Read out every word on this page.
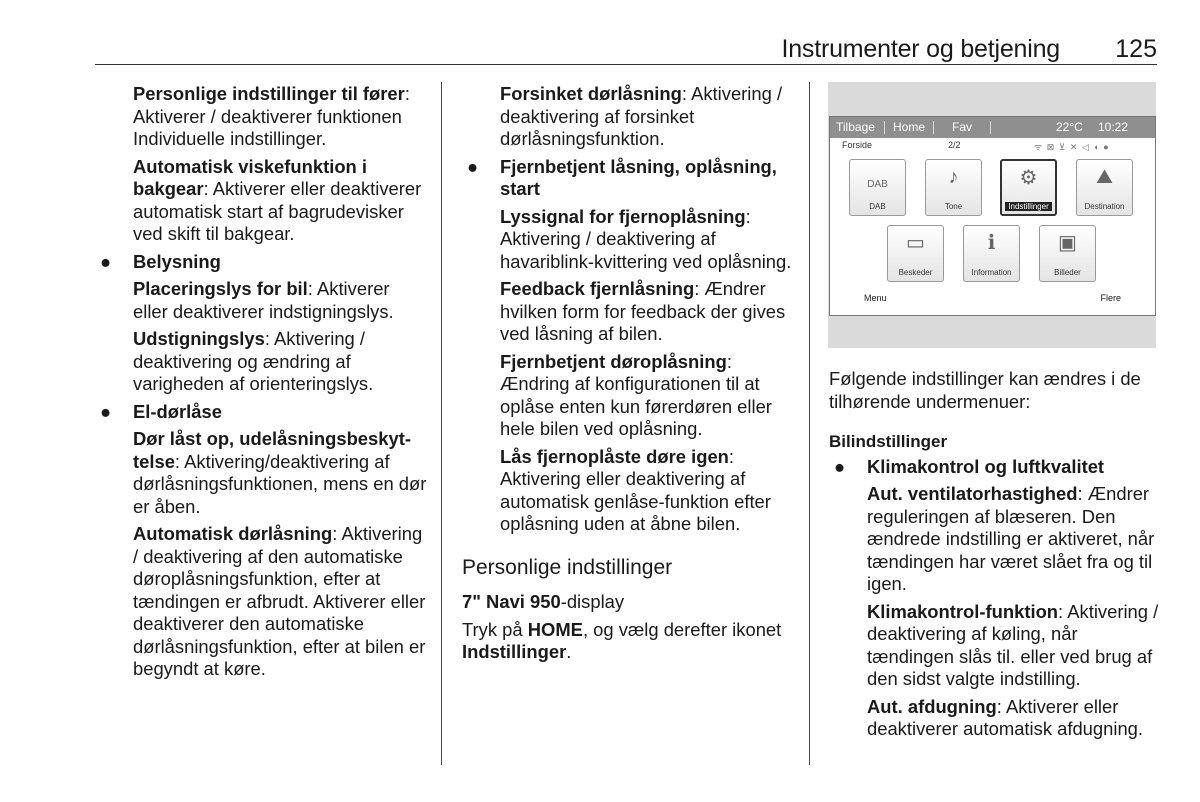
Instrumenter og betjening 125
Personlige indstillinger til fører: Aktiverer / deaktiverer funktionen Individuelle indstillinger.
Automatisk viskefunktion i
bakgear: Aktiverer eller deaktiverer automatisk start af bagrudevisker ved skift til bakgear.
● Belysning
Placeringslys for bil: Aktiverer eller deaktiverer indstigningslys.
Udstigningslys: Aktivering / deaktivering og ændring af varigheden af orienteringslys.
● El-dørlåse
Dør låst op, udelåsningsbeskyt-
telse: Aktivering/deaktivering af dørlåsningsfunktionen, mens en dør er åben.
Automatisk dørlåsning: Aktivering / deaktivering af den automatiske døroplåsningsfunktion, efter at tændingen er afbrudt. Aktiverer eller deaktiverer den automatiske dørlåsningsfunktion, efter at bilen er begyndt at køre.
Forsinket dørlåsning: Aktivering / deaktivering af forsinket dørlåsningsfunktion.
● Fjernbetjent låsning, oplåsning,
start
Lyssignal for fjernoplåsning: Aktivering / deaktivering af havariblink-kvittering ved oplåsning.
Feedback fjernlåsning: Ændrer hvilken form for feedback der gives ved låsning af bilen.
Fjernbetjent døroplåsning: Ændring af konfigurationen til at oplåse enten kun førerdøren eller hele bilen ved oplåsning.
Lås fjernoplåste døre igen: Aktivering eller deaktivering af automatisk genlåse-funktion efter oplåsning uden at åbne bilen.
Personlige indstillinger
7" Navi 950-display
Tryk på HOME, og vælg derefter ikonet Indstillinger.
Tilbage Home Fav	22°C 10:22
Forside	2/2	ᯤ ⊠ ⊻ ✕ ◁ ◖ ●
DAB
DAB
♪
Tone
⚙
Indstillinger
⛰
Destination
▭
Beskeder
ℹ
Information
▣
Billeder
Menu	Flere
Følgende indstillinger kan ændres i de tilhørende undermenuer:
Bilindstillinger
● Klimakontrol og luftkvalitet
Aut. ventilatorhastighed: Ændrer reguleringen af blæseren. Den ændrede indstilling er aktiveret, når tændingen har været slået fra og til igen.
Klimakontrol-funktion: Aktivering / deaktivering af køling, når tændingen slås til. eller ved brug af den sidst valgte indstilling.
Aut. afdugning: Aktiverer eller deaktiverer automatisk afdugning.
